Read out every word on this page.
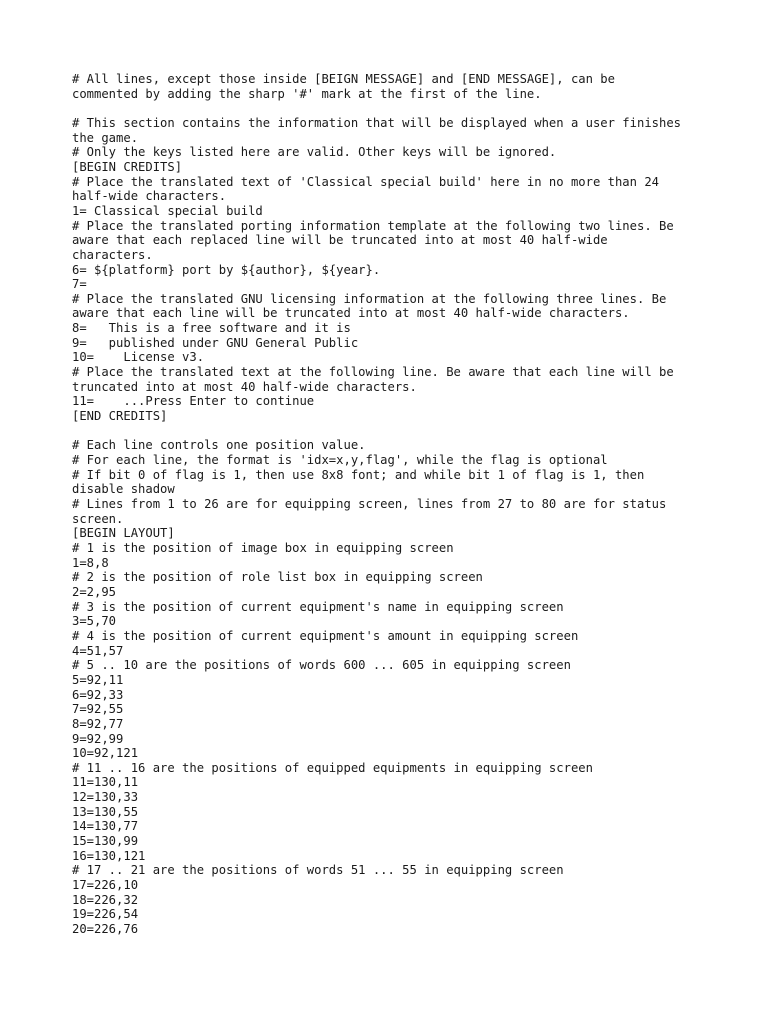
# All lines, except those inside [BEIGN MESSAGE] and [END MESSAGE], can be
commented by adding the sharp '#' mark at the first of the line.
# This section contains the information that will be displayed when a user finishes
the game.
# Only the keys listed here are valid. Other keys will be ignored.
[BEGIN CREDITS]
# Place the translated text of 'Classical special build' here in no more than 24
half-wide characters.
1= Classical special build
# Place the translated porting information template at the following two lines. Be
aware that each replaced line will be truncated into at most 40 half-wide
characters.
6= ${platform} port by ${author}, ${year}.
7=
# Place the translated GNU licensing information at the following three lines. Be
aware that each line will be truncated into at most 40 half-wide characters.
8=   This is a free software and it is
9=   published under GNU General Public
10=    License v3.
# Place the translated text at the following line. Be aware that each line will be
truncated into at most 40 half-wide characters.
11=    ...Press Enter to continue
[END CREDITS]
# Each line controls one position value.
# For each line, the format is 'idx=x,y,flag', while the flag is optional
# If bit 0 of flag is 1, then use 8x8 font; and while bit 1 of flag is 1, then
disable shadow
# Lines from 1 to 26 are for equipping screen, lines from 27 to 80 are for status
screen.
[BEGIN LAYOUT]
# 1 is the position of image box in equipping screen
1=8,8
# 2 is the position of role list box in equipping screen
2=2,95
# 3 is the position of current equipment's name in equipping screen
3=5,70
# 4 is the position of current equipment's amount in equipping screen
4=51,57
# 5 .. 10 are the positions of words 600 ... 605 in equipping screen
5=92,11
6=92,33
7=92,55
8=92,77
9=92,99
10=92,121
# 11 .. 16 are the positions of equipped equipments in equipping screen
11=130,11
12=130,33
13=130,55
14=130,77
15=130,99
16=130,121
# 17 .. 21 are the positions of words 51 ... 55 in equipping screen
17=226,10
18=226,32
19=226,54
20=226,76
